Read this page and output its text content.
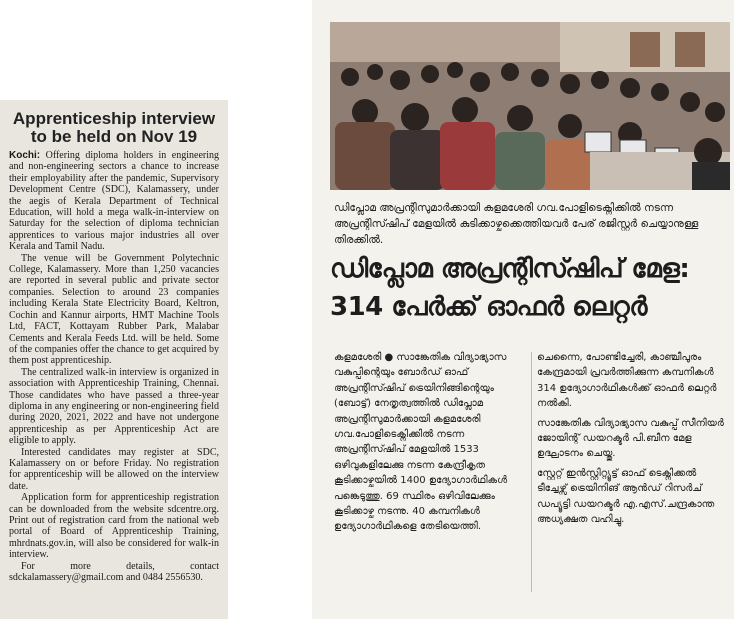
Apprenticeship interview to be held on Nov 19

Kochi: Offering diploma holders in engineering and non-engineering sectors a chance to increase their employability after the pandemic, Supervisory Development Centre (SDC), Kalamassery, under the aegis of Kerala Department of Technical Education, will hold a mega walk-in-interview on Saturday for the selection of diploma technician apprentices to various major industries all over Kerala and Tamil Nadu.

The venue will be Government Polytechnic College, Kalamassery. More than 1,250 vacancies are reported in several public and private sector companies. Selection to around 23 companies including Kerala State Electricity Board, Keltron, Cochin and Kannur airports, HMT Machine Tools Ltd, FACT, Kottayam Rubber Park, Malabar Cements and Kerala Feeds Ltd. will be held. Some of the companies offer the chance to get acquired by them post apprenticeship.

The centralized walk-in interview is organized in association with Apprenticeship Training, Chennai. Those candidates who have passed a three-year diploma in any engineering or non-engineering field during 2020, 2021, 2022 and have not undergone apprenticeship as per Apprenticeship Act are eligible to apply.

Interested candidates may register at SDC, Kalamassery on or before Friday. No registration for apprenticeship will be allowed on the interview date.

Application form for apprenticeship registration can be downloaded from the website sdcentre.org. Print out of registration card from the national web portal of Board of Apprenticeship Training, mhrdnats.gov.in, will also be considered for walk-in interview.

For more details, contact sdckalamassery@gmail.com and 0484 2556530.

ഡിപ്ലോമ അപ്രന്റിസുമാർക്കായി കളമശേരി ഗവ.പോളിടെക്നിക്കിൽ നടന്ന അപ്രന്റിസ്ഷിപ് മേളയിൽ കുടിക്കാഴ്ചക്കെത്തിയവർ പേര് രജിസ്റ്റർ ചെയ്യാനുള്ള തിരക്കിൽ.
ഡിപ്ലോമ അപ്രന്റിസ്ഷിപ് മേള:
314 പേർക്ക് ഓഫർ ലെറ്റർ

കളമശേരി ● സാങ്കേതിക വിദ്യാഭ്യാസ വകുപ്പിന്റെയും ബോർഡ് ഓഫ് അപ്രന്റിസ്ഷിപ് ട്രെയിനിങ്ങിന്റെയും (ബോട്ട്) നേതൃത്വത്തിൽ ഡിപ്ലോമ അപ്രന്റിസുമാർക്കായി കളമശേരി ഗവ.പോളിടെക്നിക്കിൽ നടന്ന അപ്രന്റിസ്ഷിപ് മേളയിൽ 1533 ഒഴിവുകളിലേക്കു നടന്ന കേന്ദ്രീകൃത കൂടിക്കാഴ്ചയിൽ 1400 ഉദ്യോഗാർഥികൾ പങ്കെടുത്തു. 69 സ്ഥിരം ഒഴിവിലേക്കും കൂടിക്കാഴ്ച നടന്നു. 40 കമ്പനികൾ ഉദ്യോഗാർഥികളെ തേടിയെത്തി.

ചെന്നൈ, പോണ്ടിച്ചേരി, കാഞ്ചീപുരം കേന്ദ്രമായി പ്രവർത്തിക്കുന്ന കമ്പനികൾ 314 ഉദ്യോഗാർഥികൾക്ക് ഓഫർ ലെറ്റർ നൽകി.

സാങ്കേതിക വിദ്യാഭ്യാസ വകുപ്പ് സീനിയർ ജോയിന്റ് ഡയറക്ടർ പി.ബീന മേള ഉദ്ഘാടനം ചെയ്തു.

സ്റ്റേറ്റ് ഇൻസ്റ്റിറ്റ്യൂട്ട് ഓഫ് ടെക്നിക്കൽ ടീച്ചേഴ്സ് ട്രെയിനിങ് ആൻഡ് റിസർച് ഡപ്യൂട്ടി ഡയറക്ടർ എ.എസ്.ചന്ദ്രകാന്ത അധ്യക്ഷത വഹിച്ചു.
